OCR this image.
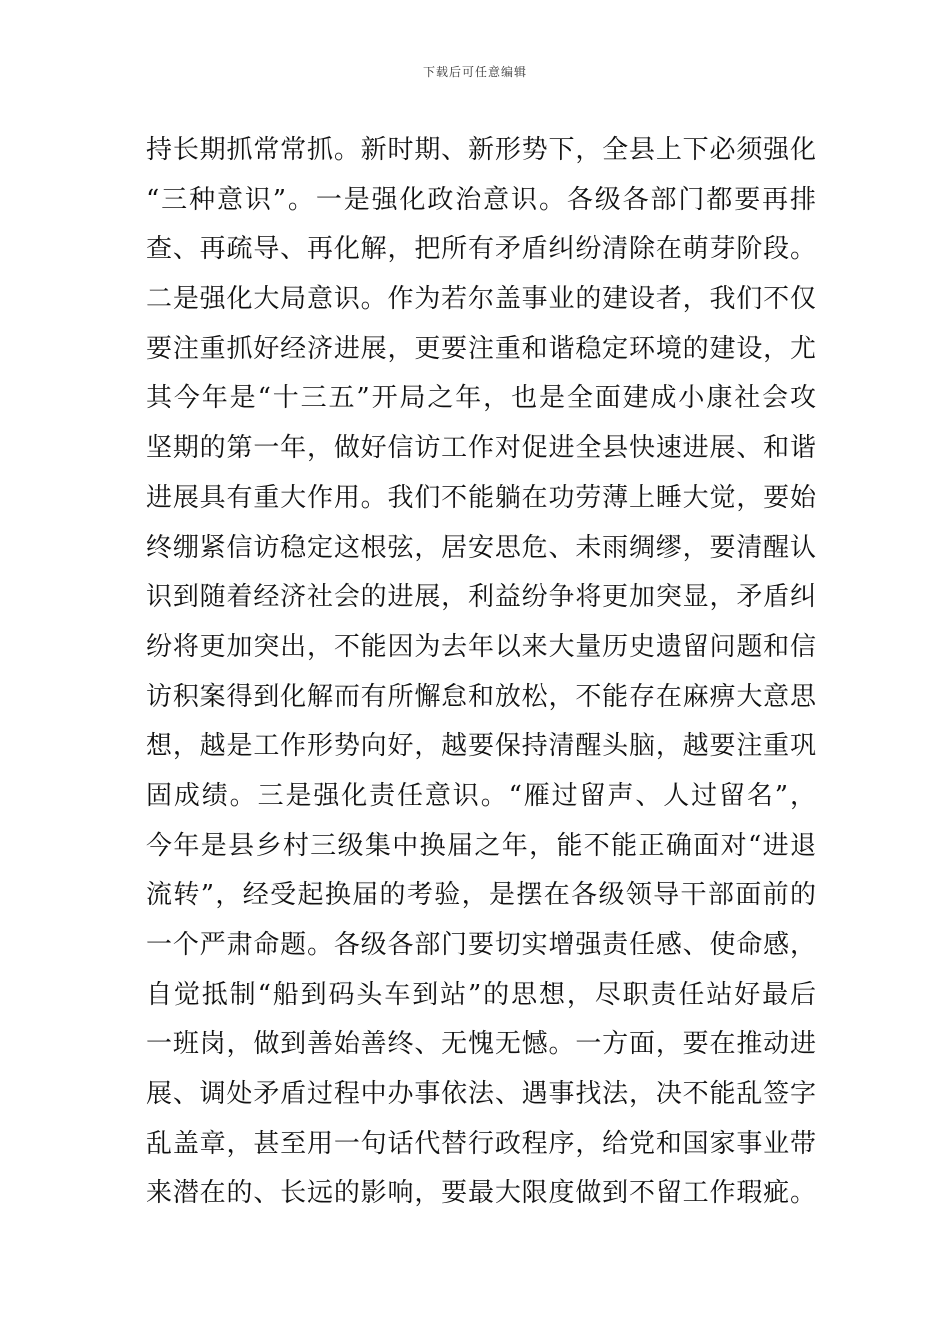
下载后可任意编辑
持长期抓常常抓。新时期、新形势下，全县上下必须强化
“三种意识”。一是强化政治意识。各级各部门都要再排
查、再疏导、再化解，把所有矛盾纠纷清除在萌芽阶段。
二是强化大局意识。作为若尔盖事业的建设者，我们不仅
要注重抓好经济进展，更要注重和谐稳定环境的建设，尤
其今年是“十三五”开局之年，也是全面建成小康社会攻
坚期的第一年，做好信访工作对促进全县快速进展、和谐
进展具有重大作用。我们不能躺在功劳薄上睡大觉，要始
终绷紧信访稳定这根弦，居安思危、未雨绸缪，要清醒认
识到随着经济社会的进展，利益纷争将更加突显，矛盾纠
纷将更加突出，不能因为去年以来大量历史遗留问题和信
访积案得到化解而有所懈怠和放松，不能存在麻痹大意思
想，越是工作形势向好，越要保持清醒头脑，越要注重巩
固成绩。三是强化责任意识。“雁过留声、人过留名”，
今年是县乡村三级集中换届之年，能不能正确面对“进退
流转”，经受起换届的考验，是摆在各级领导干部面前的
一个严肃命题。各级各部门要切实增强责任感、使命感，
自觉抵制“船到码头车到站”的思想，尽职责任站好最后
一班岗，做到善始善终、无愧无憾。一方面，要在推动进
展、调处矛盾过程中办事依法、遇事找法，决不能乱签字
乱盖章，甚至用一句话代替行政程序，给党和国家事业带
来潜在的、长远的影响，要最大限度做到不留工作瑕疵。
